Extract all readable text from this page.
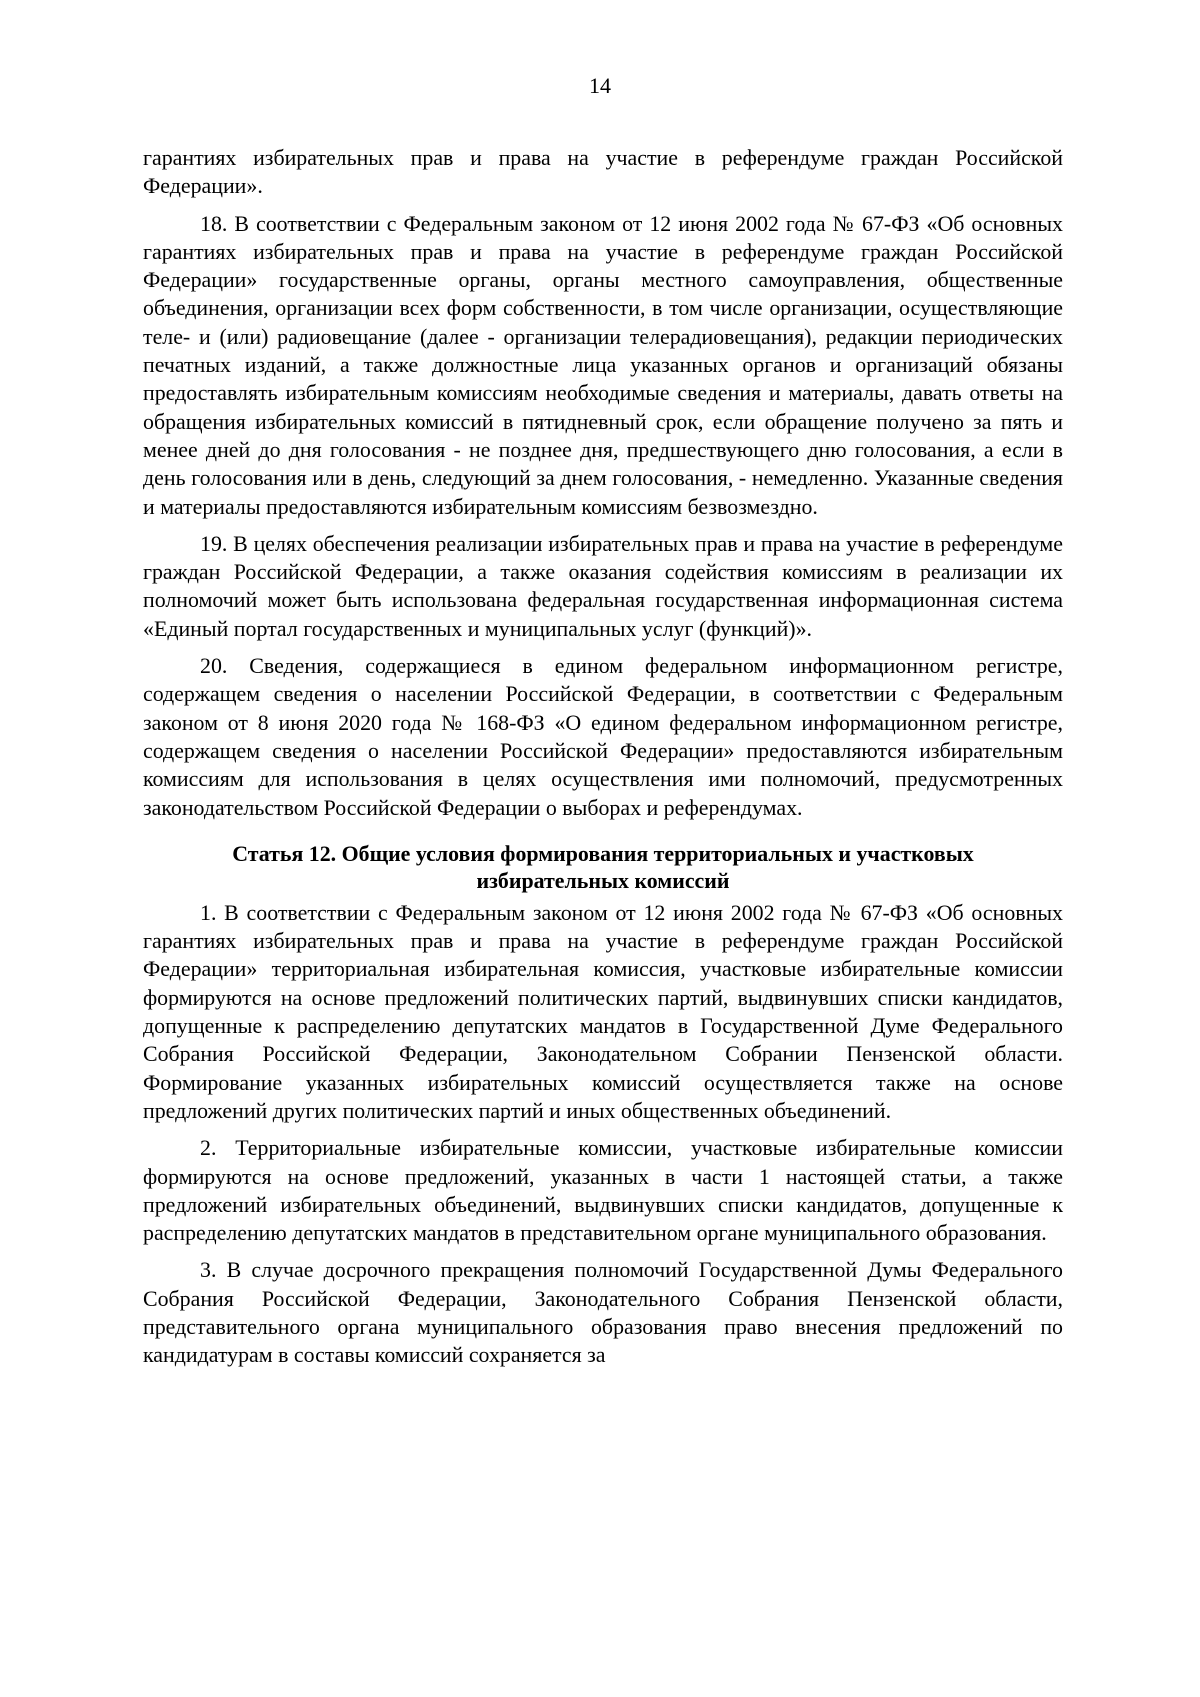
14

гарантиях избирательных прав и права на участие в референдуме граждан Российской Федерации».

18. В соответствии с Федеральным законом от 12 июня 2002 года № 67-ФЗ «Об основных гарантиях избирательных прав и права на участие в референдуме граждан Российской Федерации» государственные органы, органы местного самоуправления, общественные объединения, организации всех форм собственности, в том числе организации, осуществляющие теле- и (или) радиовещание (далее - организации телерадиовещания), редакции периодических печатных изданий, а также должностные лица указанных органов и организаций обязаны предоставлять избирательным комиссиям необходимые сведения и материалы, давать ответы на обращения избирательных комиссий в пятидневный срок, если обращение получено за пять и менее дней до дня голосования - не позднее дня, предшествующего дню голосования, а если в день голосования или в день, следующий за днем голосования, - немедленно. Указанные сведения и материалы предоставляются избирательным комиссиям безвозмездно.

19. В целях обеспечения реализации избирательных прав и права на участие в референдуме граждан Российской Федерации, а также оказания содействия комиссиям в реализации их полномочий может быть использована федеральная государственная информационная система «Единый портал государственных и муниципальных услуг (функций)».

20. Сведения, содержащиеся в едином федеральном информационном регистре, содержащем сведения о населении Российской Федерации, в соответствии с Федеральным законом от 8 июня 2020 года № 168-ФЗ «О едином федеральном информационном регистре, содержащем сведения о населении Российской Федерации» предоставляются избирательным комиссиям для использования в целях осуществления ими полномочий, предусмотренных законодательством Российской Федерации о выборах и референдумах.

Статья 12. Общие условия формирования территориальных и участковых
избирательных комиссий

1. В соответствии с Федеральным законом от 12 июня 2002 года № 67-ФЗ «Об основных гарантиях избирательных прав и права на участие в референдуме граждан Российской Федерации» территориальная избирательная комиссия, участковые избирательные комиссии формируются на основе предложений политических партий, выдвинувших списки кандидатов, допущенные к распределению депутатских мандатов в Государственной Думе Федерального Собрания Российской Федерации, Законодательном Собрании Пензенской области. Формирование указанных избирательных комиссий осуществляется также на основе предложений других политических партий и иных общественных объединений.

2. Территориальные избирательные комиссии, участковые избирательные комиссии формируются на основе предложений, указанных в части 1 настоящей статьи, а также предложений избирательных объединений, выдвинувших списки кандидатов, допущенные к распределению депутатских мандатов в представительном органе муниципального образования.

3. В случае досрочного прекращения полномочий Государственной Думы Федерального Собрания Российской Федерации, Законодательного Собрания Пензенской области, представительного органа муниципального образования право внесения предложений по кандидатурам в составы комиссий сохраняется за
